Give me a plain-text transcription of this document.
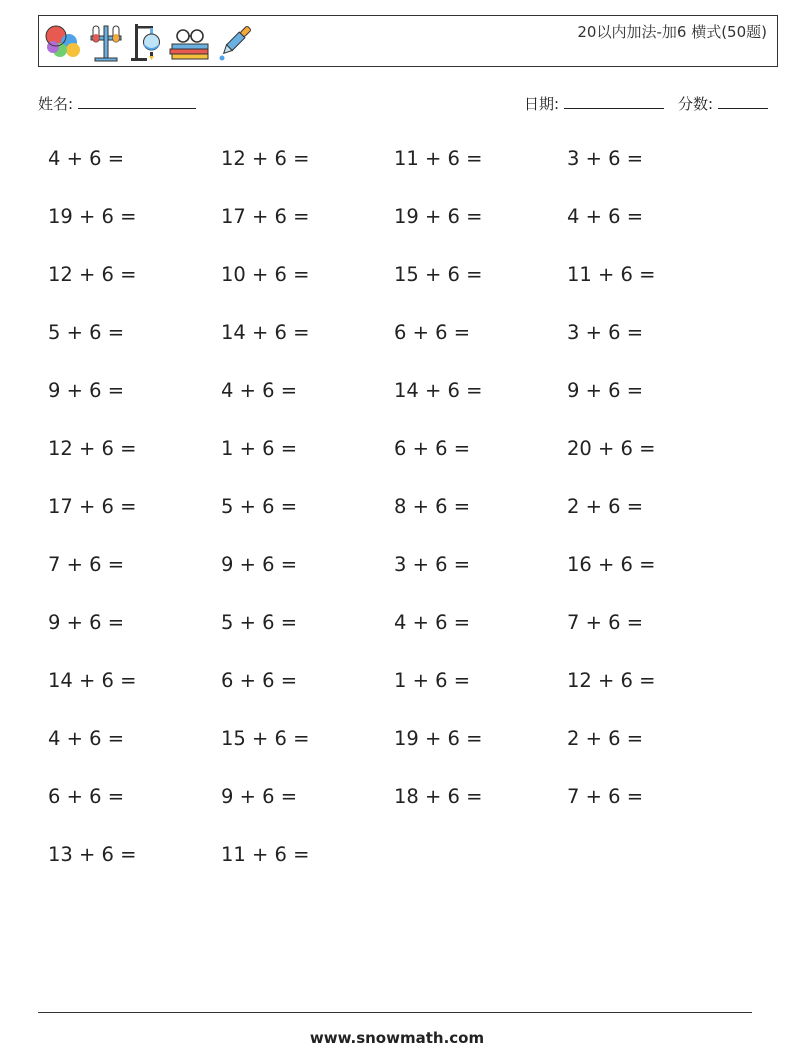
20以内加法-加6 横式(50题)
姓名:	日期:	分数:
4 + 6 =	12 + 6 =	11 + 6 =	3 + 6 =
19 + 6 =	17 + 6 =	19 + 6 =	4 + 6 =
12 + 6 =	10 + 6 =	15 + 6 =	11 + 6 =
5 + 6 =	14 + 6 =	6 + 6 =	3 + 6 =
9 + 6 =	4 + 6 =	14 + 6 =	9 + 6 =
12 + 6 =	1 + 6 =	6 + 6 =	20 + 6 =
17 + 6 =	5 + 6 =	8 + 6 =	2 + 6 =
7 + 6 =	9 + 6 =	3 + 6 =	16 + 6 =
9 + 6 =	5 + 6 =	4 + 6 =	7 + 6 =
14 + 6 =	6 + 6 =	1 + 6 =	12 + 6 =
4 + 6 =	15 + 6 =	19 + 6 =	2 + 6 =
6 + 6 =	9 + 6 =	18 + 6 =	7 + 6 =
13 + 6 =	11 + 6 =
www.snowmath.com
